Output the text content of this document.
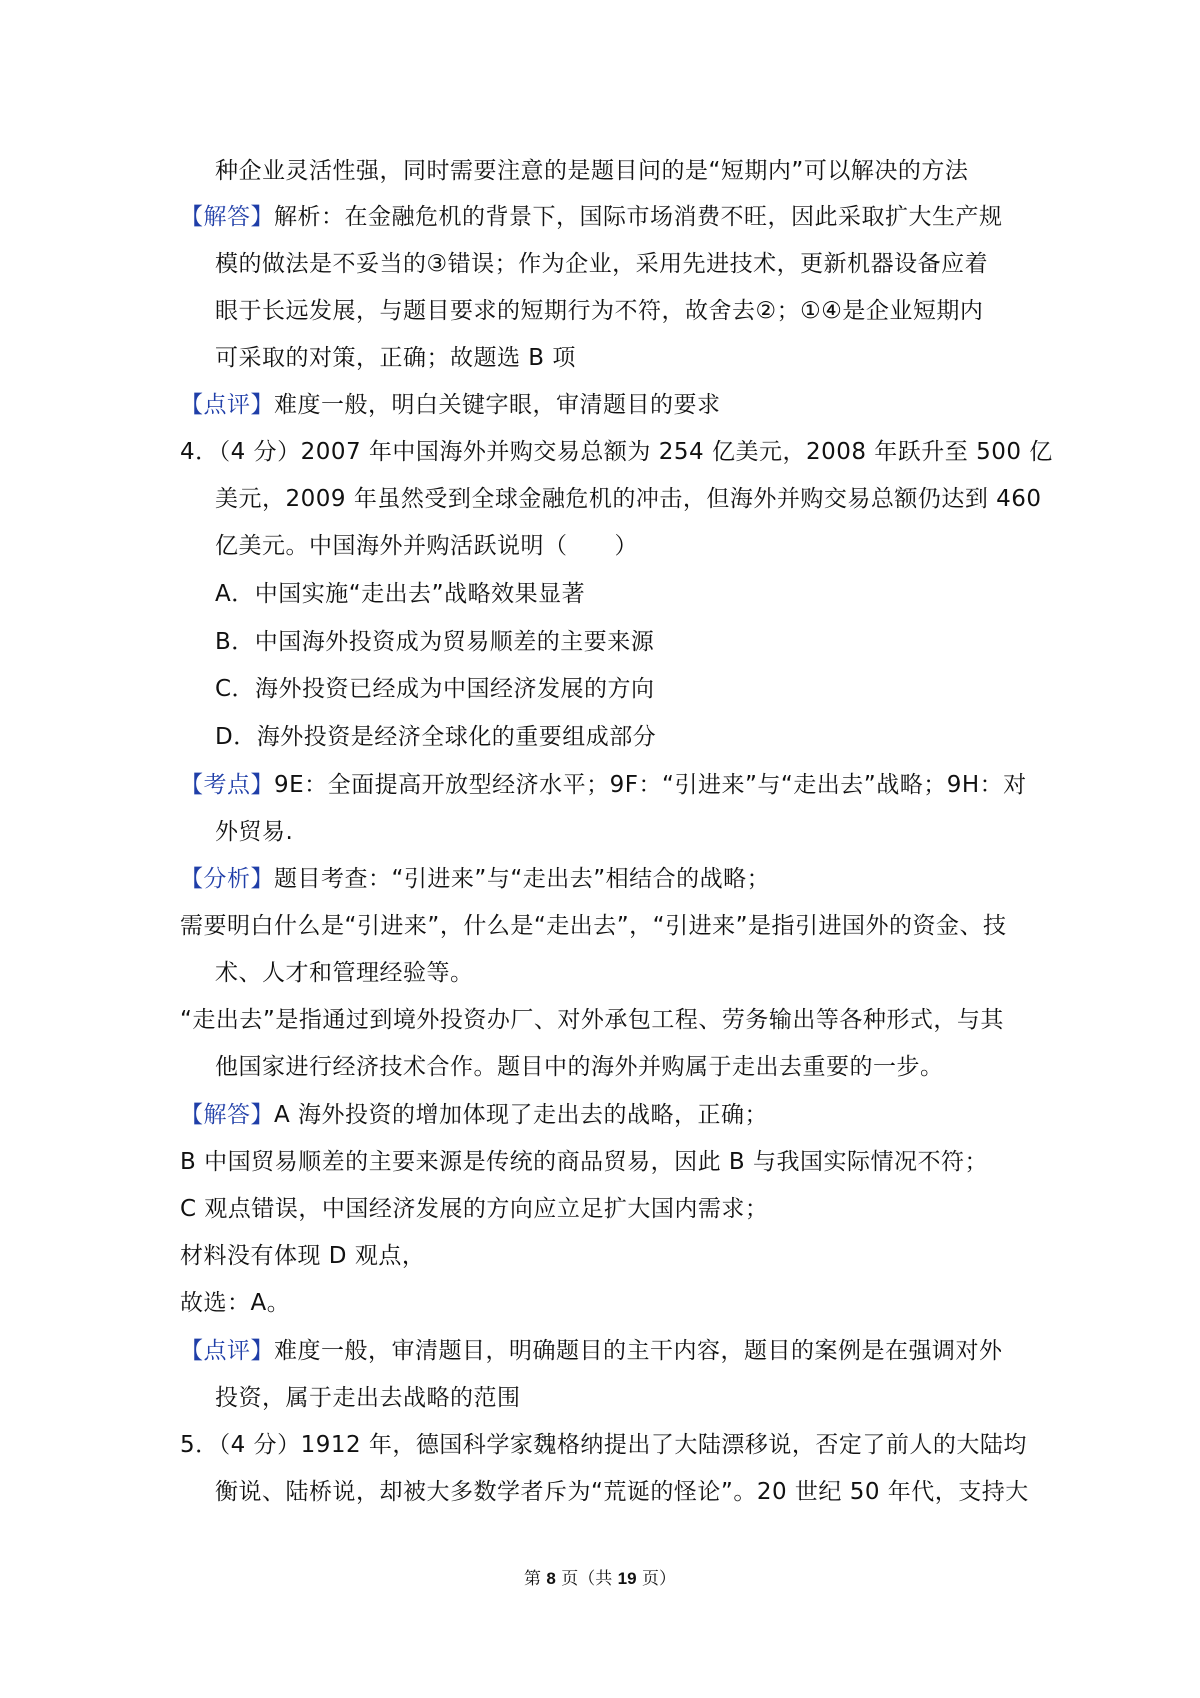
种企业灵活性强，同时需要注意的是题目问的是“短期内”可以解决的方法
【解答】解析：在金融危机的背景下，国际市场消费不旺，因此采取扩大生产规
模的做法是不妥当的③错误；作为企业，采用先进技术，更新机器设备应着
眼于长远发展，与题目要求的短期行为不符，故舍去②；①④是企业短期内
可采取的对策，正确；故题选 B 项
【点评】难度一般，明白关键字眼，审清题目的要求
4．（4 分）2007 年中国海外并购交易总额为 254 亿美元，2008 年跃升至 500 亿
美元，2009 年虽然受到全球金融危机的冲击，但海外并购交易总额仍达到 460
亿美元。中国海外并购活跃说明（　　）
A．中国实施“走出去”战略效果显著
B．中国海外投资成为贸易顺差的主要来源
C．海外投资已经成为中国经济发展的方向
D．海外投资是经济全球化的重要组成部分
【考点】9E：全面提高开放型经济水平；9F：“引进来”与“走出去”战略；9H：对
外贸易.
【分析】题目考查：“引进来”与“走出去”相结合的战略；
需要明白什么是“引进来”，什么是“走出去”，“引进来”是指引进国外的资金、技
术、人才和管理经验等。
“走出去”是指通过到境外投资办厂、对外承包工程、劳务输出等各种形式，与其
他国家进行经济技术合作。题目中的海外并购属于走出去重要的一步。
【解答】A 海外投资的增加体现了走出去的战略，正确；
B 中国贸易顺差的主要来源是传统的商品贸易，因此 B 与我国实际情况不符；
C 观点错误，中国经济发展的方向应立足扩大国内需求；
材料没有体现 D 观点，
故选：A。
【点评】难度一般，审清题目，明确题目的主干内容，题目的案例是在强调对外
投资，属于走出去战略的范围
5．（4 分）1912 年，德国科学家魏格纳提出了大陆漂移说，否定了前人的大陆均
衡说、陆桥说，却被大多数学者斥为“荒诞的怪论”。20 世纪 50 年代，支持大
第 8 页（共 19 页）
